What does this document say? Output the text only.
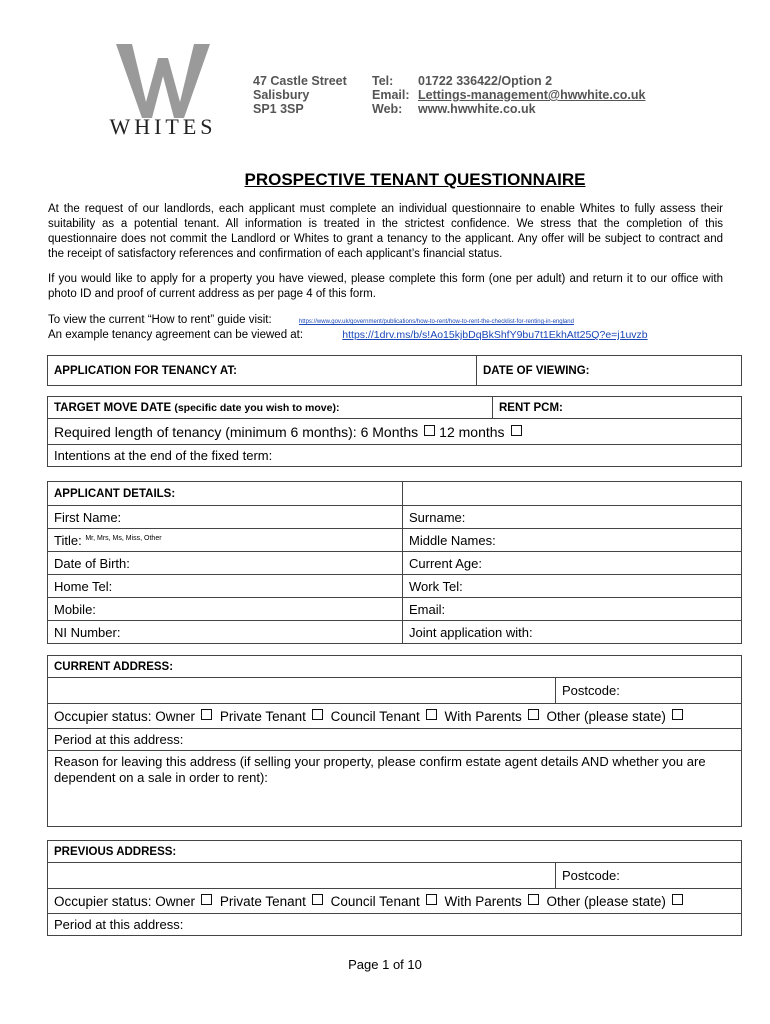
WHITES
47 Castle Street
Salisbury
SP1 3SP
Tel: 01722 336422/Option 2
Email: Lettings-management@hwwhite.co.uk
Web: www.hwwhite.co.uk
PROSPECTIVE TENANT QUESTIONNAIRE
At the request of our landlords, each applicant must complete an individual questionnaire to enable Whites to fully assess their suitability as a potential tenant. All information is treated in the strictest confidence. We stress that the completion of this questionnaire does not commit the Landlord or Whites to grant a tenancy to the applicant. Any offer will be subject to contract and the receipt of satisfactory references and confirmation of each applicant’s financial status.
If you would like to apply for a property you have viewed, please complete this form (one per adult) and return it to our office with photo ID and proof of current address as per page 4 of this form.
To view the current “How to rent” guide visit:	https://www.gov.uk/government/publications/how-to-rent/how-to-rent-the-checklist-for-renting-in-england
An example tenancy agreement can be viewed at:	https://1drv.ms/b/s!Ao15kjbDqBkShfY9bu7t1EkhAtt25Q?e=j1uvzb
APPLICATION FOR TENANCY AT:	DATE OF VIEWING:
TARGET MOVE DATE (specific date you wish to move):	RENT PCM:
Required length of tenancy (minimum 6 months): 6 Months 12 months
Intentions at the end of the fixed term:
APPLICANT DETAILS:	
First Name:	Surname:
Title: $^{Mr, Mrs, Ms, Miss, Other}$	Middle Names:
Date of Birth:	Current Age:
Home Tel:	Work Tel:
Mobile:	Email:
NI Number:	Joint application with:
CURRENT ADDRESS:
	Postcode:
Occupier status: Owner Private Tenant Council Tenant With Parents Other (please state)
Period at this address:
Reason for leaving this address (if selling your property, please confirm estate agent details AND whether you are dependent on a sale in order to rent):
PREVIOUS ADDRESS:
	Postcode:
Occupier status: Owner Private Tenant Council Tenant With Parents Other (please state)
Period at this address:
Page 1 of 10
